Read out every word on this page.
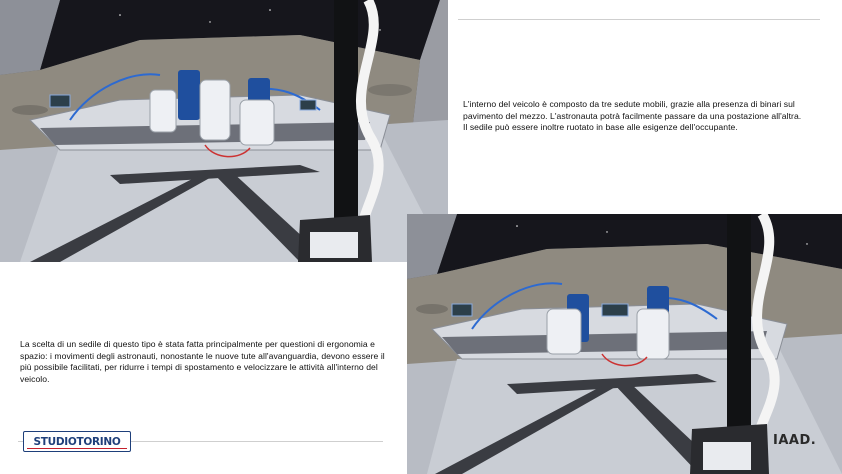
L'interno del veicolo è composto da tre sedute mobili, grazie alla presenza di binari sul pavimento del mezzo. L'astronauta potrà facilmente passare da una postazione all'altra.

Il sedile può essere inoltre ruotato in base alle esigenze dell'occupante.

La scelta di un sedile di questo tipo è stata fatta principalmente per questioni di ergonomia e spazio: i movimenti degli astronauti, nonostante le nuove tute all'avanguardia, devono essere il più possibile facilitati, per ridurre i tempi di spostamento e velocizzare le attività all'interno del veicolo.

STUDIOTORINO	IAAD.
